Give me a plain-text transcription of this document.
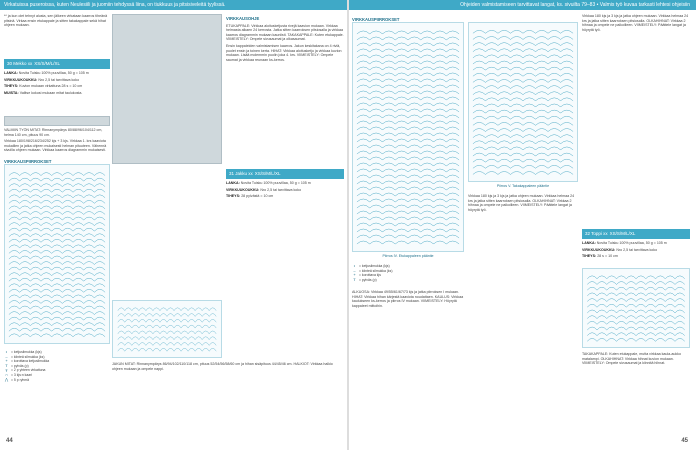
Virkatuissa puseroissa, kuten Neulesiili ja juomiin tehdyssä liina, on tiukkuus ja pitsisiveleitä tyylissä.	Ohjeiden valmistamiseen tarvittavat langat, ks. sivuilta 79–83 • Valmis työ kuvaa tarkasti lehtesi ohjeisiin

** ja kun olet tehnyt alusta, sen jälkeen virkataan kaarros tiheänä pitsinä. Virkaa ensin etukappale ja sitten takakappale sekä hihat ohjeen mukaan.

30 Mekko xx XS/S/M/L/XL

LANKA: Novita Tuisku 100% puuvillaa, 50 g = 105 m

VIRKKUUKOUKKU: Nro 2,5 tai tarvittava koko

TIHEYS: Kuvion mukaan virkattuna 28 s = 10 cm

MUISTA: Valitse kokosi mukaan mitat taulukosta.

VALMIIN TYÖN MITAT: Rinnanympärys 80/88/96/104/112 cm, helma 140 cm, pituus 90 cm.

Virkkaa 180/198/216/234/252 kjs + 3 kjs. Virkkaa 1. krs kaaviota mukaillen ja jatka ohjeen mukaisesti helman pituuteen. Vähennä sivuilla ohjeen mukaan. Virkkaa kaarros diagrammin mukaisesti.

VIRKKAUSPIIRROKSET
•	= ketjusilmukka (kjs)
– = kiinteä silmukka (ks)
+ = korottava ketjusilmukka
T = pylväs (p)
Ŧ = 2 p yhteen virkattuna
∩ = 3 kjs:n kaari
⋀ = 5 p ryhmä

VIRKKAUSOHJE

ETUKAPPALE: Virkkaa aloitusketjusta rivejä kaavion mukaan. Virkkaa helmasta alkaen 24 kerrosta. Jatka sitten kaarroksen pitsiosalla ja virkkaa kaarros diagrammin mukaan kauniisti. TAKAKAPPALE: Kuten etukappale. VIIMEISTELY: Ompele sivusaumat ja olkasaumat.

Ensin kappaleiden valmistamisen kaarros. Jakun keskitakana on 4 riviä, puolet ensin ja toinen kerta. HIHAT: Virkkaa aloitusketju ja virkkaa kuvion mukaan. Lisää molemmin puolin joka 4. krs. VIIMEISTELY: Ompele saumat ja virkkaa reunaan ks-kerros.

31 Jakku xx XS/S/M/L/XL

LANKA: Novita Tuisku 100% puuvillaa, 50 g = 105 m

VIRKKUUKOUKKU: Nro 2,5 tai tarvittava koko

TIHEYS: 28 pylvästä = 10 cm

JAKUN MITAT: Rinnanympärys 86/94/102/110/118 cm, pituus 52/54/56/58/60 cm ja hihan sisäpituus 44/45/46 cm. HALKIOT: Virkkaa halkio ohjeen mukaan ja ompele nappi.

44
VIRKKAUSPIIRROKSET
Piirros IV. Etukappaleen pääntie
•	= ketjusilmukka (kjs)
– = kiinteä silmukka (ks)
+ = korottava kjs
T = pylväs (p)

ALKUOSA: Virkkaa 49/55/61/67/73 kjs ja jatka piirroksen I mukaan. HIHAT: Virkkaa hihan kärjestä kaaviota noudattaen. KAULUS: Virkkaa kaulukseen ks-kerros ja piirros IV mukaan. VIIMEISTELY: Höyrytä kappaleet mittoihin.

Piirros V. Takakappaleen pääntie

Virkkaa 180 kjs ja 3 kjs ja jatka ohjeen mukaan. Virkkaa helmaa 24 krs ja jatka sitten kaarroksen pitsiosalla. OLKAHIHNAT: Virkkaa 2 hihnaa ja ompele ne paikoilleen. VIIMEISTELY: Päättele langat ja höyrytä työ.

Virkkaa 180 kjs ja 3 kjs ja jatka ohjeen mukaan. Virkkaa helmaa 24 krs ja jatka sitten kaarroksen pitsiosalla. OLKAHIHNAT: Virkkaa 2 hihnaa ja ompele ne paikoilleen. VIIMEISTELY: Päättele langat ja höyrytä työ.

32 Toppi xx XS/S/M/L/XL

LANKA: Novita Tuisku 100% puuvillaa, 50 g = 105 m

VIRKKUUKOUKKU: Nro 2,5 tai tarvittava koko

TIHEYS: 28 s = 10 cm

TAKAKAPPALE: Kuten etukappale, mutta virkkaa kaula-aukko matalampi. OLKAHIHNAT: Virkkaa hihnat kuvion mukaan. VIIMEISTELY: Ompele sivusaumat ja kiinnitä hihnat.

45
